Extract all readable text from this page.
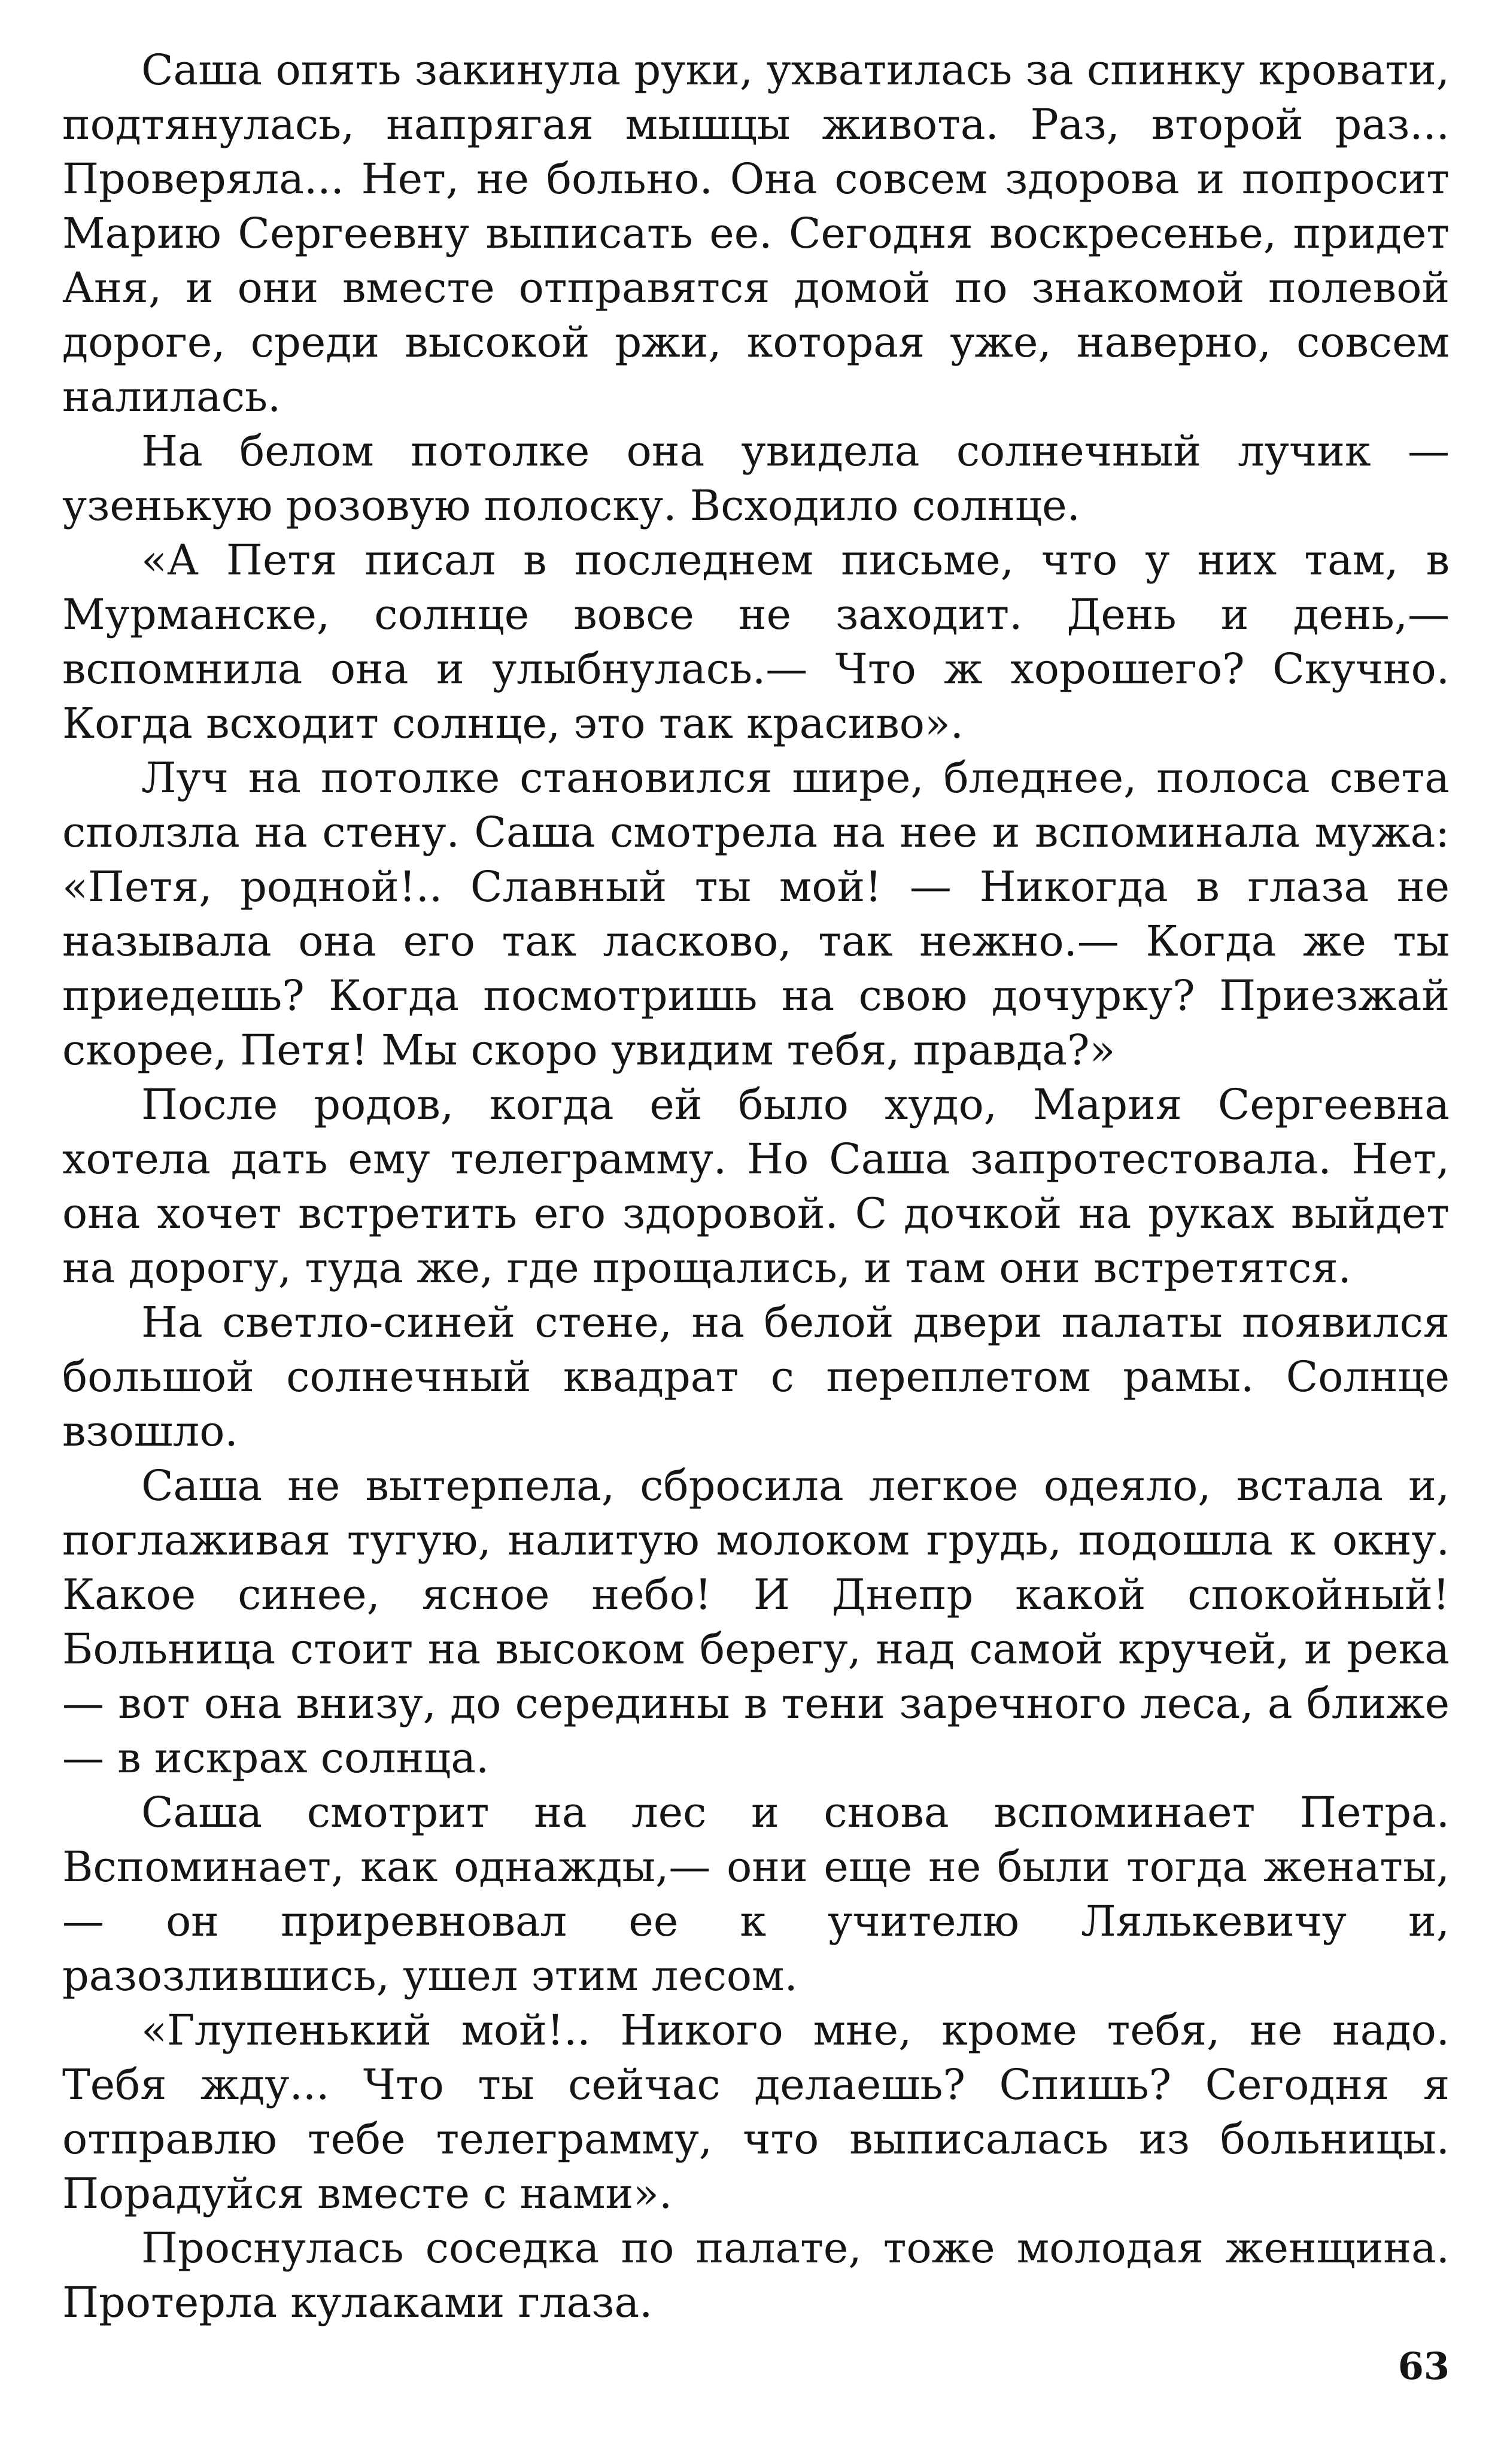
Саша опять закинула руки, ухватилась за спинку кровати, подтянулась, напрягая мышцы живота. Раз, второй раз... Проверяла... Нет, не больно. Она совсем здорова и попросит Марию Сергеевну выписать ее. Сегодня воскресенье, придет Аня, и они вместе отправятся домой по знакомой полевой дороге, среди высокой ржи, которая уже, наверно, совсем налилась.

На белом потолке она увидела солнечный лучик — узенькую розовую полоску. Всходило солнце.

«А Петя писал в последнем письме, что у них там, в Мурманске, солнце вовсе не заходит. День и день,— вспомнила она и улыбнулась.— Что ж хорошего? Скучно. Когда всходит солнце, это так красиво».

Луч на потолке становился шире, бледнее, полоса света сползла на стену. Саша смотрела на нее и вспоминала мужа: «Петя, родной!.. Славный ты мой! — Никогда в глаза не называла она его так ласково, так нежно.— Когда же ты приедешь? Когда посмотришь на свою дочурку? Приезжай скорее, Петя! Мы скоро увидим тебя, правда?»

После родов, когда ей было худо, Мария Сергеевна хотела дать ему телеграмму. Но Саша запротестовала. Нет, она хочет встретить его здоровой. С дочкой на руках выйдет на дорогу, туда же, где прощались, и там они встретятся.

На светло-синей стене, на белой двери палаты появился большой солнечный квадрат с переплетом рамы. Солнце взошло.

Саша не вытерпела, сбросила легкое одеяло, встала и, поглаживая тугую, налитую молоком грудь, подошла к окну. Какое синее, ясное небо! И Днепр какой спокойный! Больница стоит на высоком берегу, над самой кручей, и река — вот она внизу, до середины в тени заречного леса, а ближе — в искрах солнца.

Саша смотрит на лес и снова вспоминает Петра. Вспоминает, как однажды,— они еще не были тогда женаты,— он приревновал ее к учителю Лялькевичу и, разозлившись, ушел этим лесом.

«Глупенький мой!.. Никого мне, кроме тебя, не надо. Тебя жду... Что ты сейчас делаешь? Спишь? Сегодня я отправлю тебе телеграмму, что выписалась из больницы. Порадуйся вместе с нами».

Проснулась соседка по палате, тоже молодая женщина. Протерла кулаками глаза.

63
